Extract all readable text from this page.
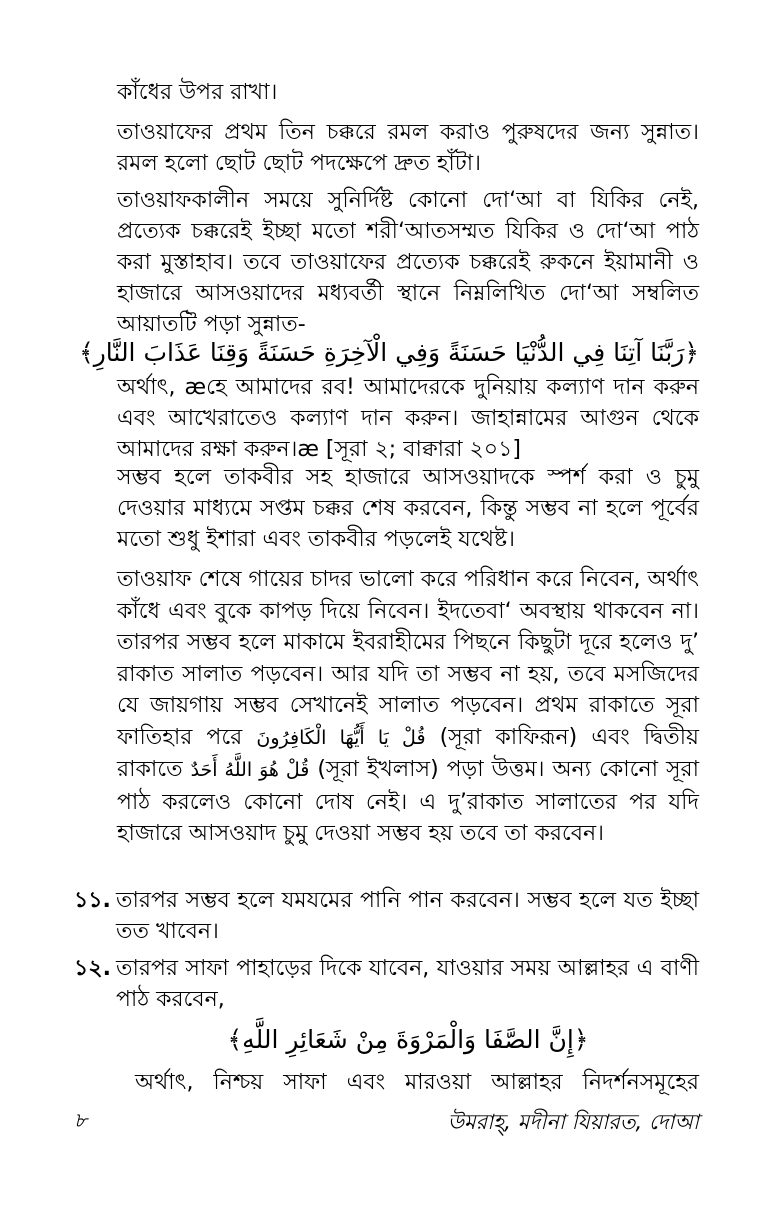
কাঁধের উপর রাখা।

তাওয়াফের প্রথম তিন চক্করে রমল করাও পুরুষদের জন্য সুন্নাত। রমল হলো ছোট ছোট পদক্ষেপে দ্রুত হাঁটা।

তাওয়াফকালীন সময়ে সুনির্দিষ্ট কোনো দো‘আ বা যিকির নেই, প্রত্যেক চক্করেই ইচ্ছা মতো শরী‘আতসম্মত যিকির ও দো‘আ পাঠ করা মুস্তাহাব। তবে তাওয়াফের প্রত্যেক চক্করেই রুকনে ইয়ামানী ও হাজারে আসওয়াদের মধ্যবর্তী স্থানে নিম্নলিখিত দো‘আ সম্বলিত আয়াতটি পড়া সুন্নাত-

﴿رَبَّنَا آتِنَا فِي الدُّنْيَا حَسَنَةً وَفِي الْآخِرَةِ حَسَنَةً وَقِنَا عَذَابَ النَّارِ﴾

অর্থাৎ, æহে আমাদের রব! আমাদেরকে দুনিয়ায় কল্যাণ দান করুন এবং আখেরাতেও কল্যাণ দান করুন। জাহান্নামের আগুন থেকে আমাদের রক্ষা করুন।æ [সূরা ২; বাক্বারা ২০১]

সম্ভব হলে তাকবীর সহ হাজারে আসওয়াদকে স্পর্শ করা ও চুমু দেওয়ার মাধ্যমে সপ্তম চক্কর শেষ করবেন, কিন্তু সম্ভব না হলে পূর্বের মতো শুধু ইশারা এবং তাকবীর পড়লেই যথেষ্ট।

তাওয়াফ শেষে গায়ের চাদর ভালো করে পরিধান করে নিবেন, অর্থাৎ কাঁধে এবং বুকে কাপড় দিয়ে নিবেন। ইদতেবা‘ অবস্থায় থাকবেন না। তারপর সম্ভব হলে মাকামে ইবরাহীমের পিছনে কিছুটা দূরে হলেও দু’ রাকাত সালাত পড়বেন। আর যদি তা সম্ভব না হয়, তবে মসজিদের যে জায়গায় সম্ভব সেখানেই সালাত পড়বেন। প্রথম রাকাতে সূরা ফাতিহার পরে قُلْ يَا أَيُّهَا الْكَافِرُونَ (সূরা কাফিরূন) এবং দ্বিতীয় রাকাতে قُلْ هُوَ اللَّهُ أَحَدٌ (সূরা ইখলাস) পড়া উত্তম। অন্য কোনো সূরা পাঠ করলেও কোনো দোষ নেই। এ দু’রাকাত সালাতের পর যদি হাজারে আসওয়াদ চুমু দেওয়া সম্ভব হয় তবে তা করবেন।

১১. তারপর সম্ভব হলে যমযমের পানি পান করবেন। সম্ভব হলে যত ইচ্ছা তত খাবেন।
১২. তারপর সাফা পাহাড়ের দিকে যাবেন, যাওয়ার সময় আল্লাহর এ বাণী পাঠ করবেন,

﴿إِنَّ الصَّفَا وَالْمَرْوَةَ مِنْ شَعَائِرِ اللَّهِ﴾

অর্থাৎ, নিশ্চয় সাফা এবং মারওয়া আল্লাহর নিদর্শনসমূহের

৮	উমরাহ্‌, মদীনা যিয়ারত, দোআ
